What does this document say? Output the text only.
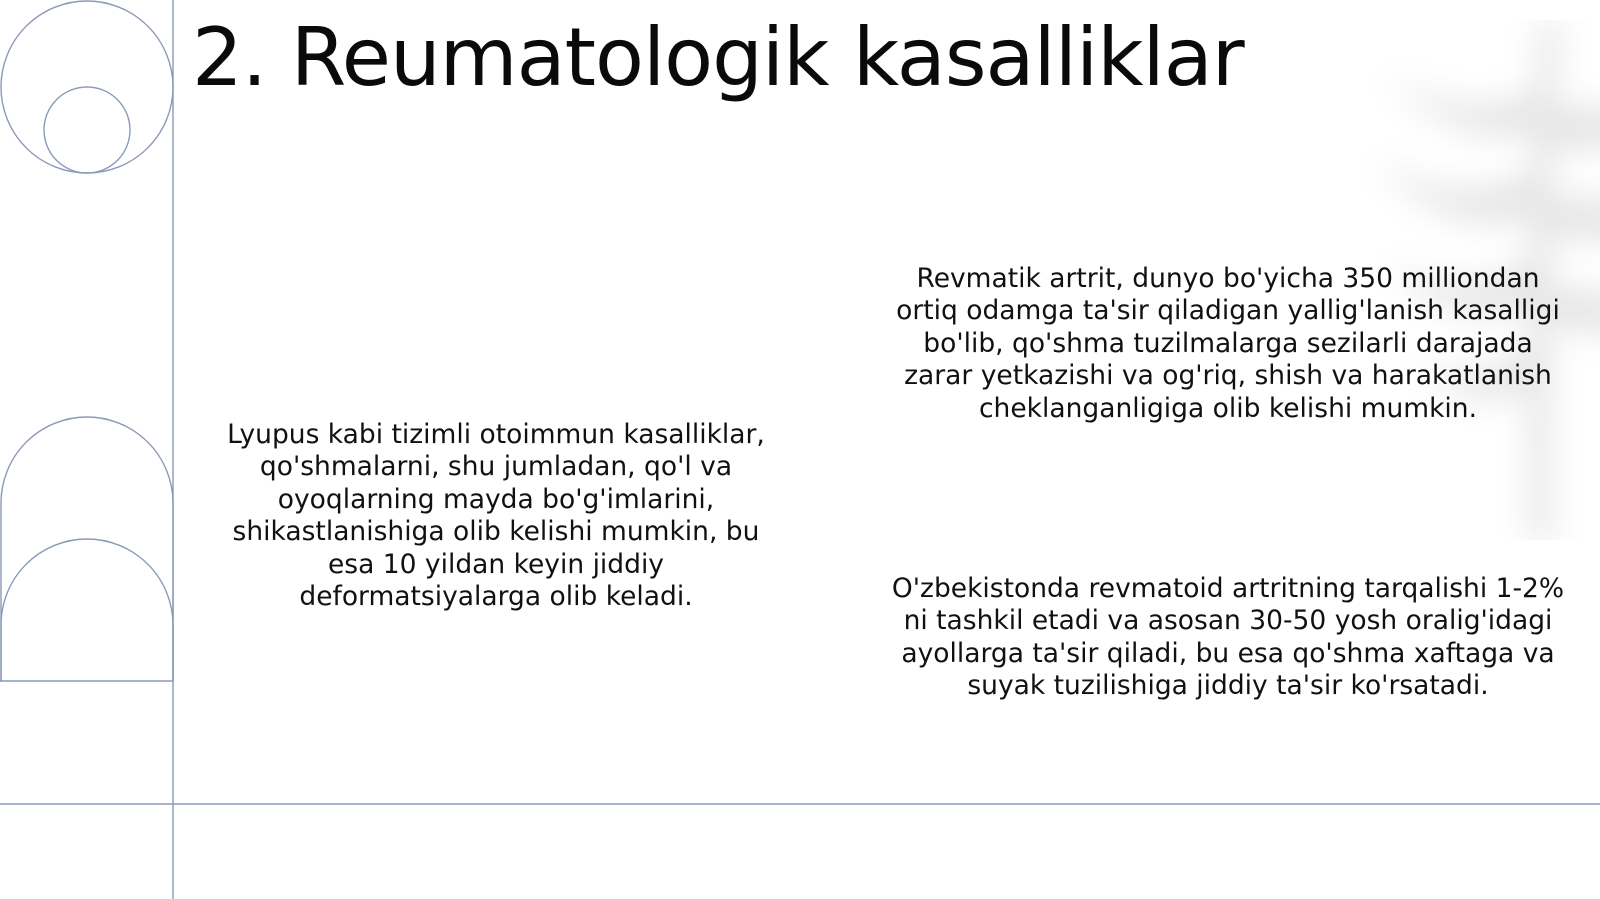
2. Reumatologik kasalliklar

Lyupus kabi tizimli otoimmun kasalliklar, qo'shmalarni, shu jumladan, qo'l va oyoqlarning mayda bo'g'imlarini, shikastlanishiga olib kelishi mumkin, bu esa 10 yildan keyin jiddiy deformatsiyalarga olib keladi.

Revmatik artrit, dunyo bo'yicha 350 milliondan ortiq odamga ta'sir qiladigan yallig'lanish kasalligi bo'lib, qo'shma tuzilmalarga sezilarli darajada zarar yetkazishi va og'riq, shish va harakatlanish cheklanganligiga olib kelishi mumkin.

O'zbekistonda revmatoid artritning tarqalishi 1-2% ni tashkil etadi va asosan 30-50 yosh oralig'idagi ayollarga ta'sir qiladi, bu esa qo'shma xaftaga va suyak tuzilishiga jiddiy ta'sir ko'rsatadi.
